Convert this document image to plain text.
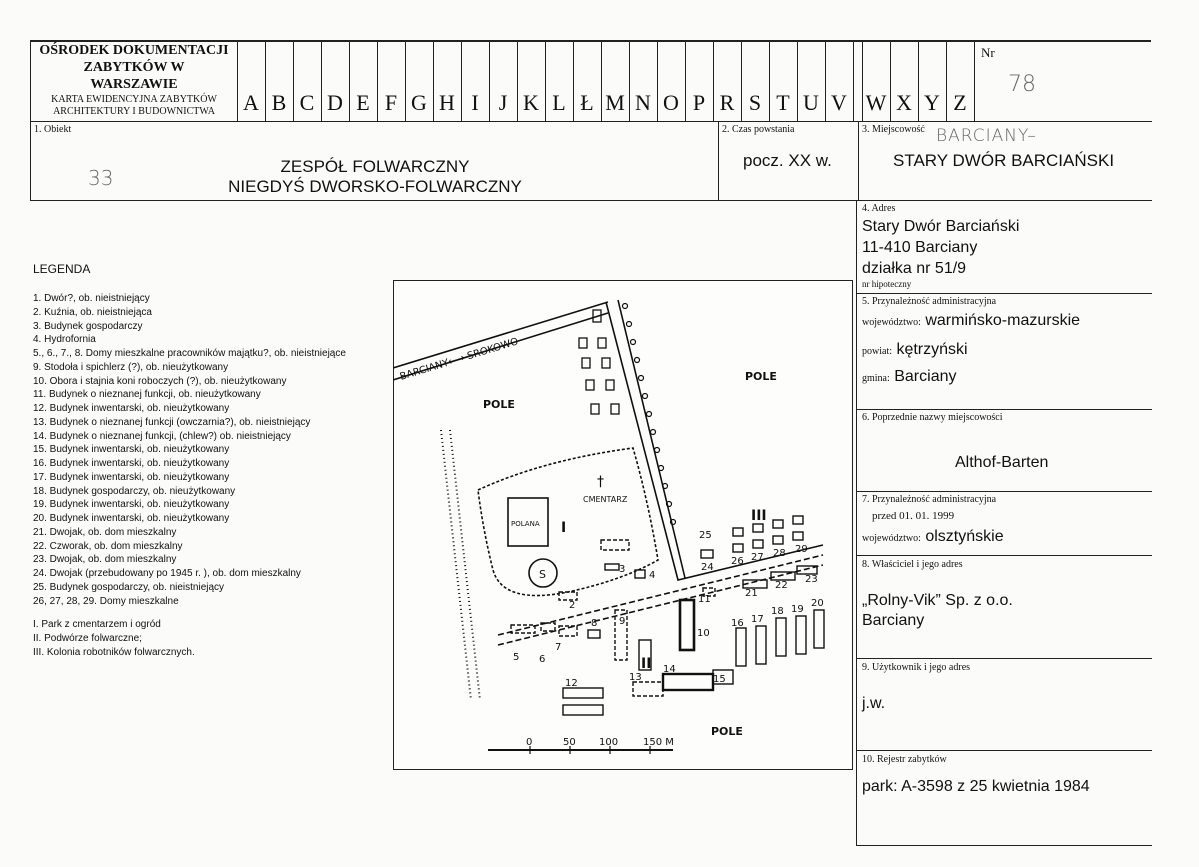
OŚRODEK DOKUMENTACJI
ZABYTKÓW W
WARSZAWIE
KARTA EWIDENCYJNA ZABYTKÓW
ARCHITEKTURY I BUDOWNICTWA	A B C D E F G H I J K L Ł M N O P R S T U V W X Y Z
Nr
78
1. Obiekt
ZESPÓŁ FOLWARCZNY
NIEGDYŚ DWORSKO-FOLWARCZNY
33
2. Czas powstania
pocz. XX w.
3. Miejscowość BARCIANY–
STARY DWÓR BARCIAŃSKI
4. Adres
Stary Dwór Barciański
11-410 Barciany
działka nr 51/9
nr hipoteczny
5. Przynależność administracyjna
województwo: warmińsko-mazurskie
powiat: kętrzyński
gmina: Barciany
6. Poprzednie nazwy miejscowości
Althof-Barten
7. Przynależność administracyjna
przed 01. 01. 1999
województwo: olsztyńskie
8. Właściciel i jego adres
„Rolny-Vik” Sp. z o.o.
Barciany
9. Użytkownik i jego adres
j.w.
10. Rejestr zabytków
park: A-3598 z 25 kwietnia 1984
LEGENDA
1. Dwór?, ob. nieistniejący
2. Kuźnia, ob. nieistniejąca
3. Budynek gospodarczy
4. Hydrofornia
5., 6., 7., 8. Domy mieszkalne pracowników majątku?, ob. nieistniejące
9. Stodoła i spichlerz (?), ob. nieużytkowany
10. Obora i stajnia koni roboczych (?), ob. nieużytkowany
11. Budynek o nieznanej funkcji, ob. nieużytkowany
12. Budynek inwentarski, ob. nieużytkowany
13. Budynek o nieznanej funkcji (owczarnia?), ob. nieistniejący
14. Budynek o nieznanej funkcji, (chlew?) ob. nieistniejący
15. Budynek inwentarski, ob. nieużytkowany
16. Budynek inwentarski, ob. nieużytkowany
17. Budynek inwentarski, ob. nieużytkowany
18. Budynek gospodarczy, ob. nieużytkowany
19. Budynek inwentarski, ob. nieużytkowany
20. Budynek inwentarski, ob. nieużytkowany
21. Dwojak, ob. dom mieszkalny
22. Czworak, ob. dom mieszkalny
23. Dwojak, ob. dom mieszkalny
24. Dwojak (przebudowany po 1945 r. ), ob. dom mieszkalny
25. Budynek gospodarczy, ob. nieistniejący
26, 27, 28, 29. Domy mieszkalne
I. Park z cmentarzem i ogród
II. Podwórze folwarczne;
III. Kolonia robotników folwarcznych.
BARCIANY←→ SROKOWO
POLE
POLE
POLE
CMENTARZ
†
POLANA
S
I
II
III
2
3
4
5 6
7
8 9
10
11
12
13
14
15
16 17
18 19
20
21
22
23
24
25
26 27 28 29
0	50 100 150 M
